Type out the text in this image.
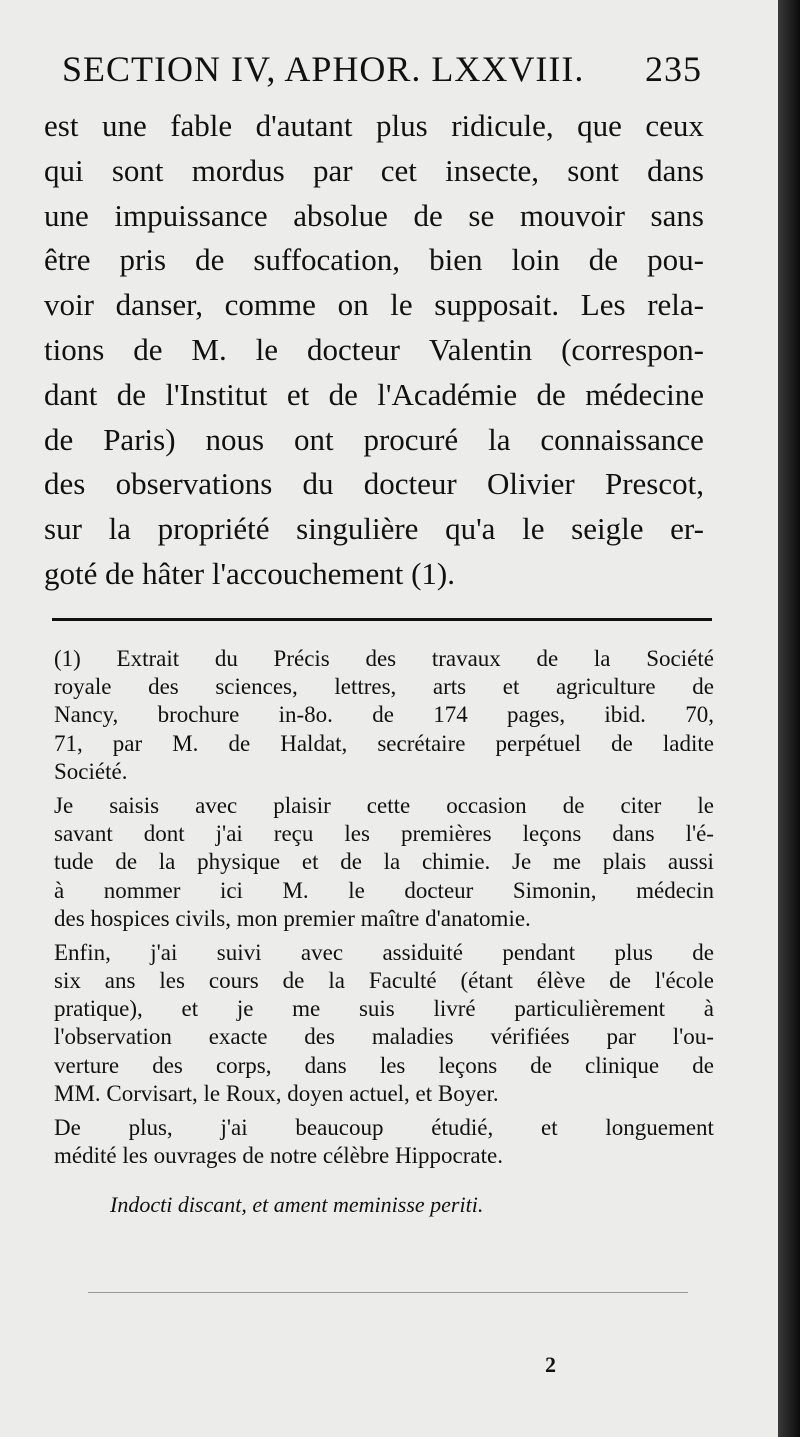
SECTION IV, APHOR. LXXVIII. 235
est une fable d'autant plus ridicule, que ceux
qui sont mordus par cet insecte, sont dans
une impuissance absolue de se mouvoir sans
être pris de suffocation, bien loin de pou-
voir danser, comme on le supposait. Les rela-
tions de M. le docteur Valentin (correspon-
dant de l'Institut et de l'Académie de médecine
de Paris) nous ont procuré la connaissance
des observations du docteur Olivier Prescot,
sur la propriété singulière qu'a le seigle er-
goté de hâter l'accouchement (1).
(1) Extrait du Précis des travaux de la Société
royale des sciences, lettres, arts et agriculture de
Nancy, brochure in-8o. de 174 pages, ibid. 70,
71, par M. de Haldat, secrétaire perpétuel de ladite
Société.
Je saisis avec plaisir cette occasion de citer le
savant dont j'ai reçu les premières leçons dans l'é-
tude de la physique et de la chimie. Je me plais aussi
à nommer ici M. le docteur Simonin, médecin
des hospices civils, mon premier maître d'anatomie.
Enfin, j'ai suivi avec assiduité pendant plus de
six ans les cours de la Faculté (étant élève de l'école
pratique), et je me suis livré particulièrement à
l'observation exacte des maladies vérifiées par l'ou-
verture des corps, dans les leçons de clinique de
MM. Corvisart, le Roux, doyen actuel, et Boyer.
De plus, j'ai beaucoup étudié, et longuement
médité les ouvrages de notre célèbre Hippocrate.
Indocti discant, et ament meminisse periti.
2
